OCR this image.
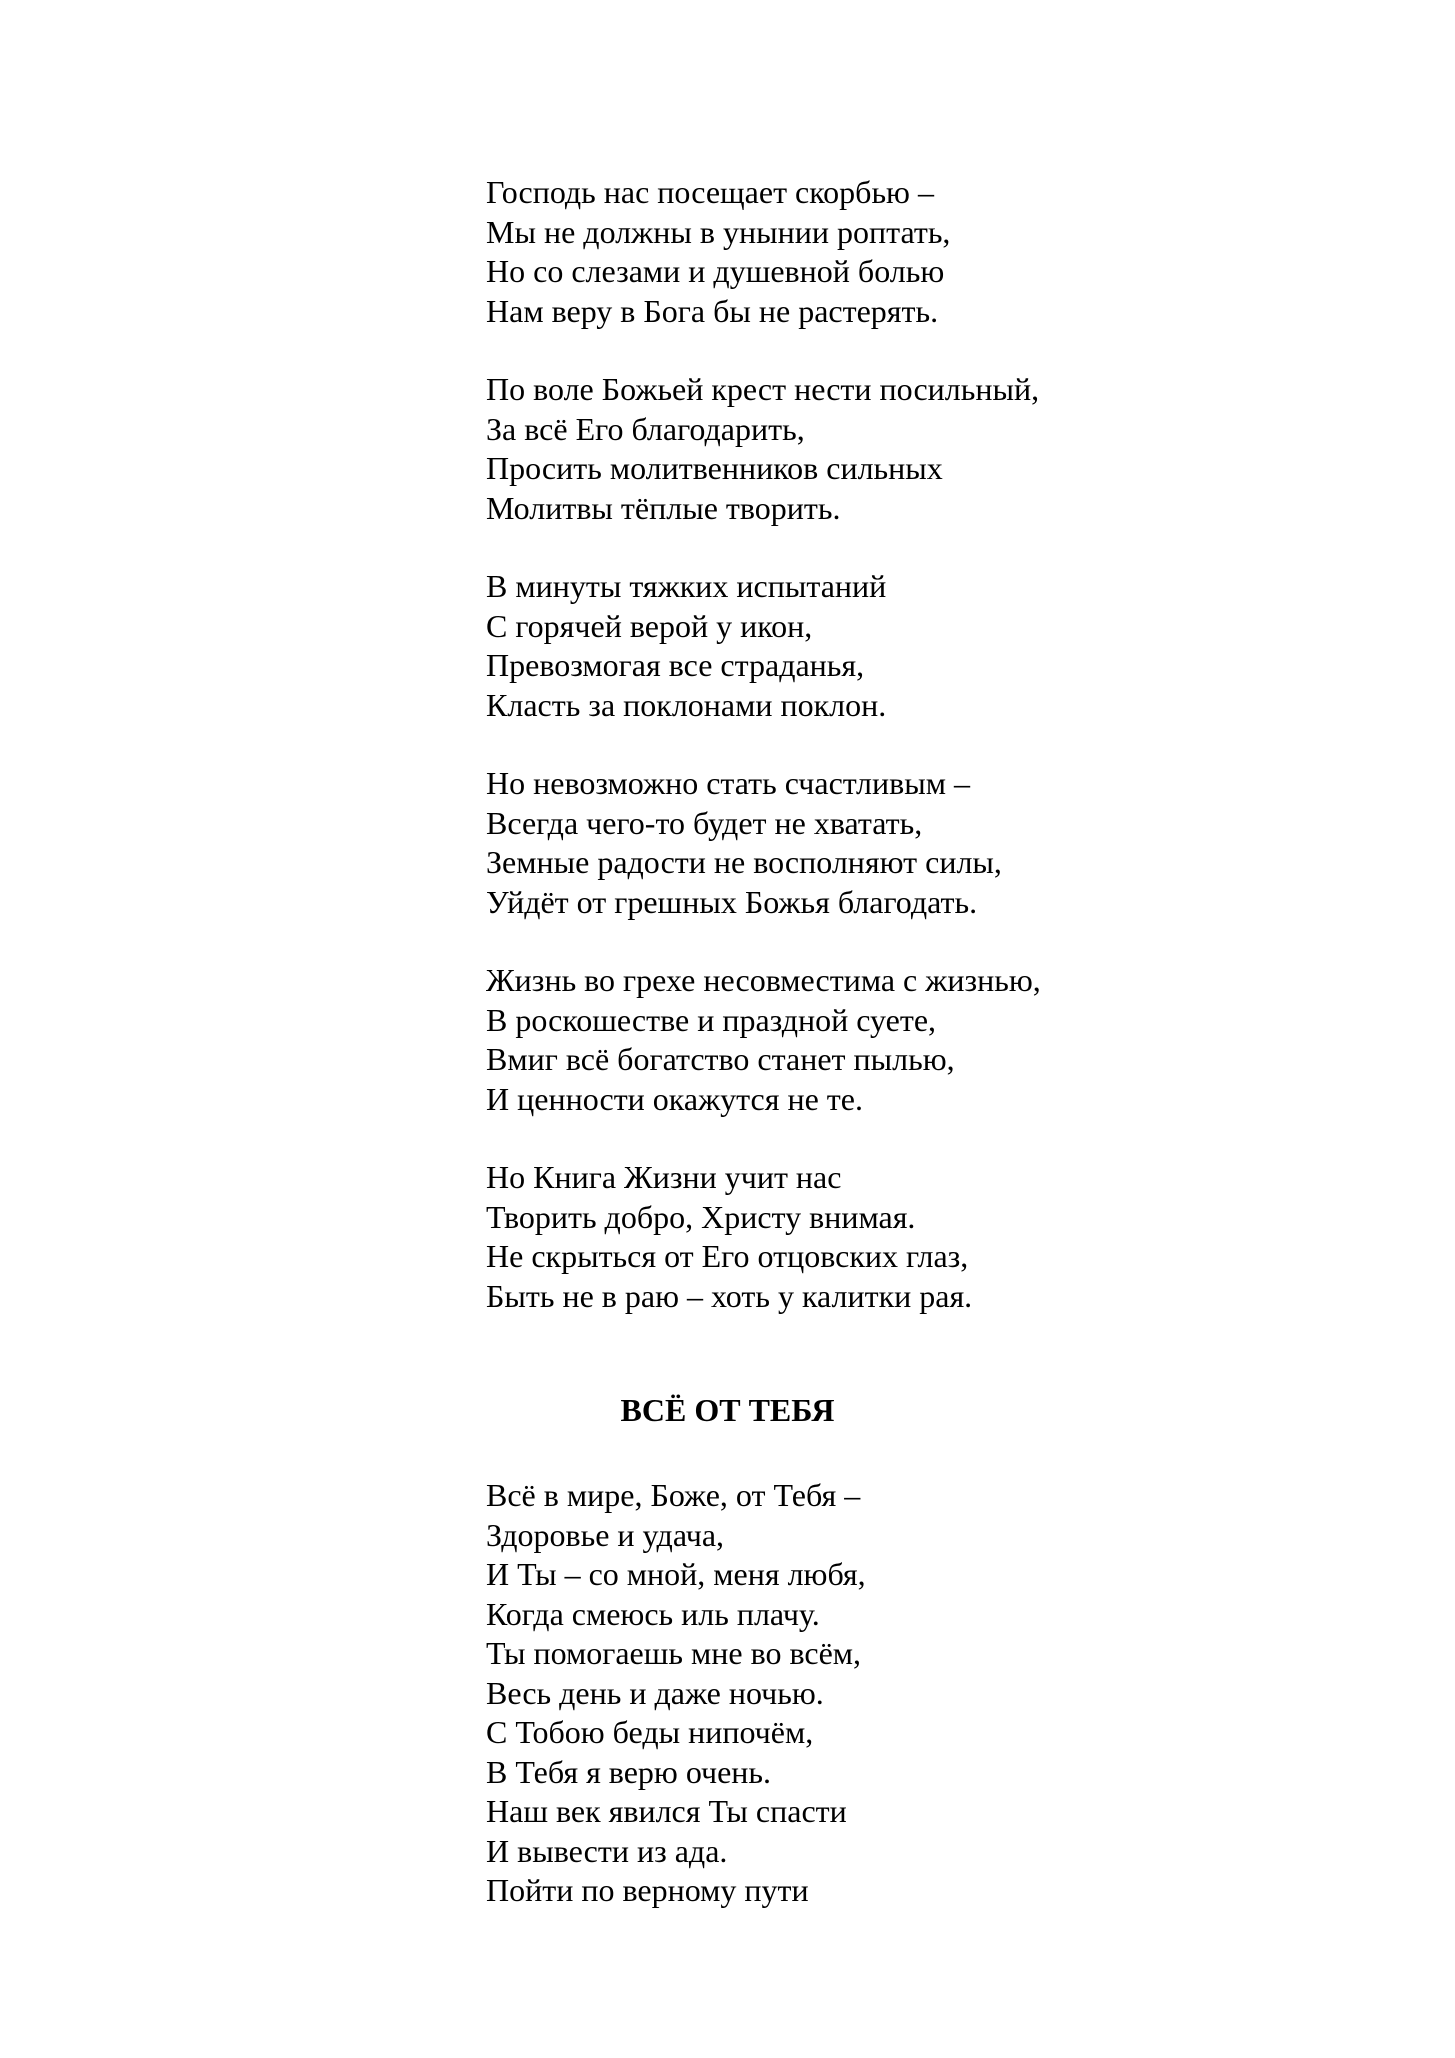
Господь нас посещает скорбью –
Мы не должны в унынии роптать,
Но со слезами и душевной болью
Нам веру в Бога бы не растерять.
По воле Божьей крест нести посильный,
За всё Его благодарить,
Просить молитвенников сильных
Молитвы тёплые творить.
В минуты тяжких испытаний
С горячей верой у икон,
Превозмогая все страданья,
Класть за поклонами поклон.
Но невозможно стать счастливым –
Всегда чего-то будет не хватать,
Земные радости не восполняют силы,
Уйдёт от грешных Божья благодать.
Жизнь во грехе несовместима с жизнью,
В роскошестве и праздной суете,
Вмиг всё богатство станет пылью,
И ценности окажутся не те.
Но Книга Жизни учит нас
Творить добро, Христу внимая.
Не скрыться от Его отцовских глаз,
Быть не в раю – хоть у калитки рая.
ВСЁ ОТ ТЕБЯ
Всё в мире, Боже, от Тебя –
Здоровье и удача,
И Ты – со мной, меня любя,
Когда смеюсь иль плачу.
Ты помогаешь мне во всём,
Весь день и даже ночью.
С Тобою беды нипочём,
В Тебя я верю очень.
Наш век явился Ты спасти
И вывести из ада.
Пойти по верному пути
